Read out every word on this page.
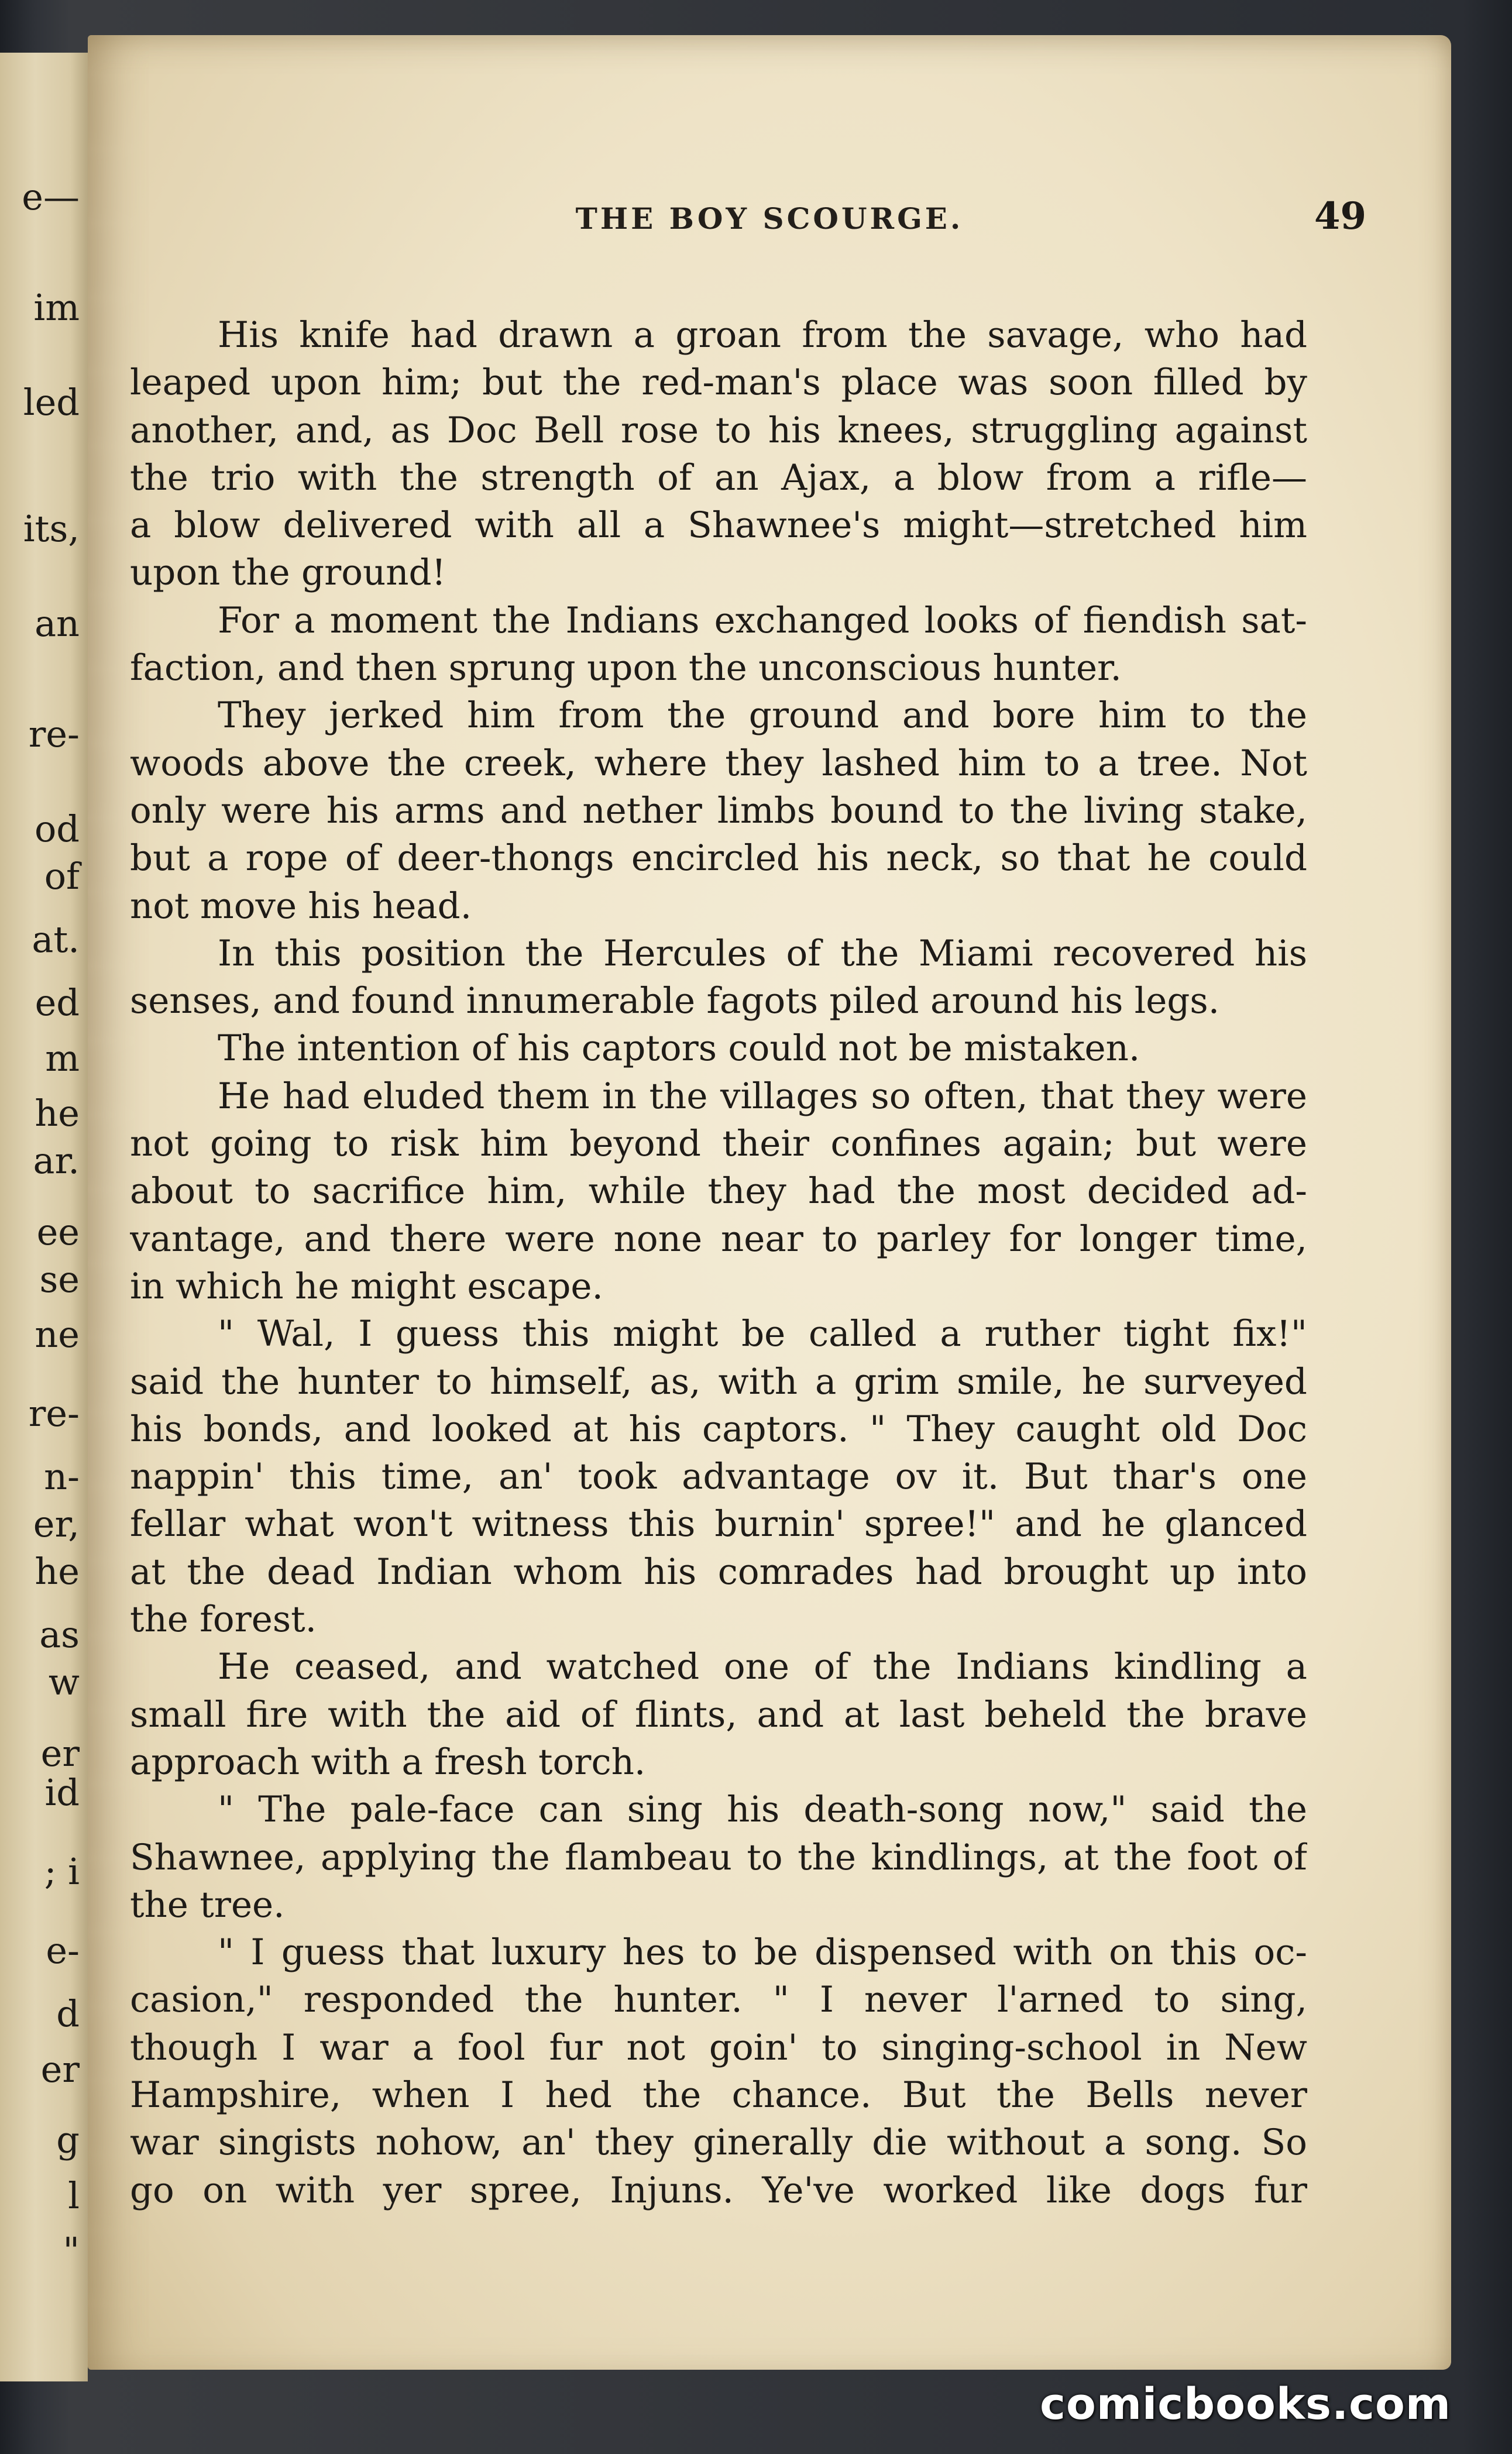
e—
im
led
its,
an
re-
od
of
at.
ed
m
he
ar.
ee
se
ne
re-
n-
er,
he
as
w
er
id
; i
e-
d
er
g
l
"
THE BOY SCOURGE.	49
His knife had drawn a groan from the savage, who had
leaped upon him; but the red-man's place was soon filled by
another, and, as Doc Bell rose to his knees, struggling against
the trio with the strength of an Ajax, a blow from a rifle—
a blow delivered with all a Shawnee's might—stretched him
upon the ground!
For a moment the Indians exchanged looks of fiendish sat-
faction, and then sprung upon the unconscious hunter.
They jerked him from the ground and bore him to the
woods above the creek, where they lashed him to a tree. Not
only were his arms and nether limbs bound to the living stake,
but a rope of deer-thongs encircled his neck, so that he could
not move his head.
In this position the Hercules of the Miami recovered his
senses, and found innumerable fagots piled around his legs.
The intention of his captors could not be mistaken.
He had eluded them in the villages so often, that they were
not going to risk him beyond their confines again; but were
about to sacrifice him, while they had the most decided ad-
vantage, and there were none near to parley for longer time,
in which he might escape.
" Wal, I guess this might be called a ruther tight fix!"
said the hunter to himself, as, with a grim smile, he surveyed
his bonds, and looked at his captors. " They caught old Doc
nappin' this time, an' took advantage ov it. But thar's one
fellar what won't witness this burnin' spree!" and he glanced
at the dead Indian whom his comrades had brought up into
the forest.
He ceased, and watched one of the Indians kindling a
small fire with the aid of flints, and at last beheld the brave
approach with a fresh torch.
" The pale-face can sing his death-song now," said the
Shawnee, applying the flambeau to the kindlings, at the foot of
the tree.
" I guess that luxury hes to be dispensed with on this oc-
casion," responded the hunter. " I never l'arned to sing,
though I war a fool fur not goin' to singing-school in New
Hampshire, when I hed the chance. But the Bells never
war singists nohow, an' they ginerally die without a song. So
go on with yer spree, Injuns. Ye've worked like dogs fur
comicbooks.com
